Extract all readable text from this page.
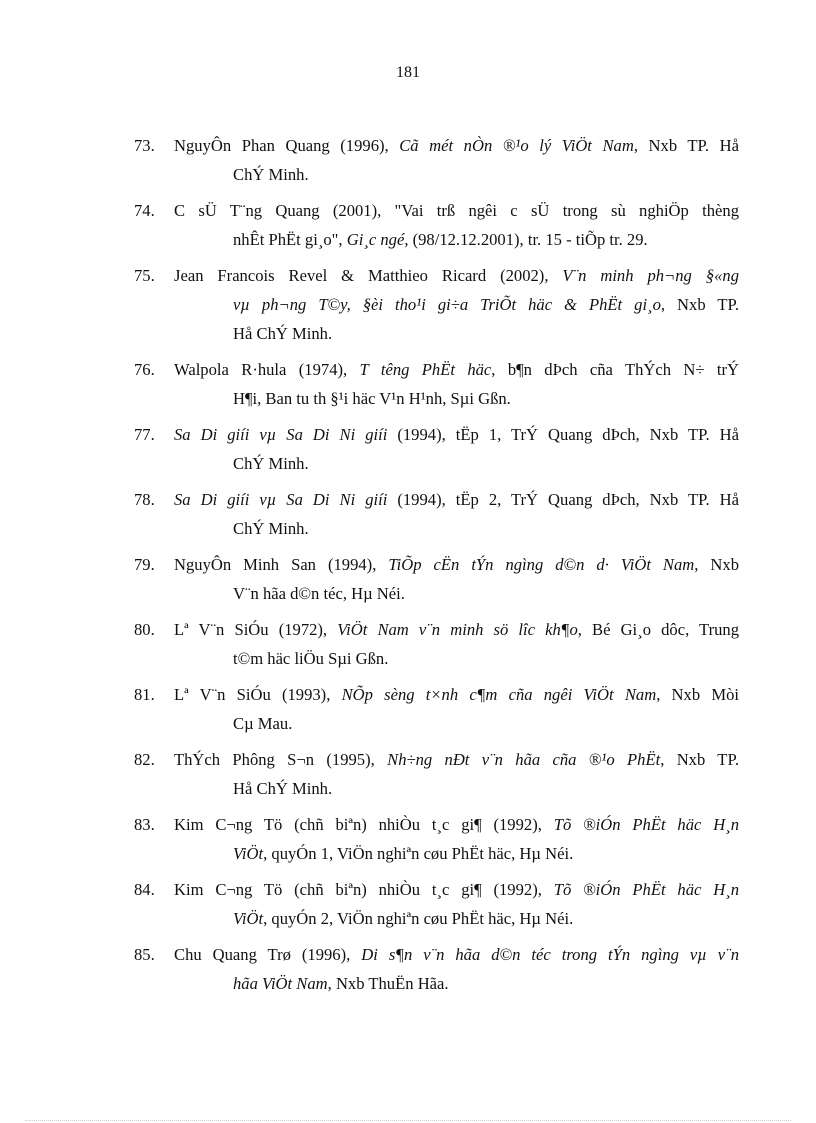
181
73.	NguyÔn Phan Quang (1996), Cã mét nÒn ®¹o lý ViÖt Nam, Nxb TP. Hå
ChÝ Minh.
74.	C sÜ T¨ng Quang (2001), "Vai trß ngêi c sÜ trong sù nghiÖp thèng
nhÊt PhËt gi¸o", Gi¸c ngé, (98/12.12.2001), tr. 15 - tiÕp tr. 29.
75.	Jean Francois Revel & Matthieo Ricard (2002), V¨n minh ph¬ng §«ng
vµ ph¬ng T©y, §èi tho¹i gi÷a TriÕt häc & PhËt gi¸o, Nxb TP.
Hå ChÝ Minh.
76.	Walpola R·hula (1974), T têng PhËt häc, b¶n dÞch cña ThÝch N÷ trÝ
H¶i, Ban tu th §¹i häc V¹n H¹nh, Sµi Gßn.
77.	Sa Di giíi vµ Sa Di Ni giíi (1994), tËp 1, TrÝ Quang dÞch, Nxb TP. Hå
ChÝ Minh.
78.	Sa Di giíi vµ Sa Di Ni giíi (1994), tËp 2, TrÝ Quang dÞch, Nxb TP. Hå
ChÝ Minh.
79.	NguyÔn Minh San (1994), TiÕp cËn tÝn ngìng d©n d· ViÖt Nam, Nxb
V¨n hãa d©n téc, Hµ Néi.
80.	Lª V¨n SiÓu (1972), ViÖt Nam v¨n minh sö lîc kh¶o, Bé Gi¸o dôc, Trung
t©m häc liÖu Sµi Gßn.
81.	Lª V¨n SiÓu (1993), NÕp sèng t×nh c¶m cña ngêi ViÖt Nam, Nxb Mòi
Cµ Mau.
82.	ThÝch Phông S¬n (1995), Nh÷ng nÐt v¨n hãa cña ®¹o PhËt, Nxb TP.
Hå ChÝ Minh.
83.	Kim C¬ng Tö (chñ biªn) nhiÒu t¸c gi¶ (1992), Tõ ®iÓn PhËt häc H¸n
ViÖt, quyÓn 1, ViÖn nghiªn cøu PhËt häc, Hµ Néi.
84.	Kim C¬ng Tö (chñ biªn) nhiÒu t¸c gi¶ (1992), Tõ ®iÓn PhËt häc H¸n
ViÖt, quyÓn 2, ViÖn nghiªn cøu PhËt häc, Hµ Néi.
85.	Chu Quang Trø (1996), Di s¶n v¨n hãa d©n téc trong tÝn ngìng vµ v¨n
hãa ViÖt Nam, Nxb ThuËn Hãa.
